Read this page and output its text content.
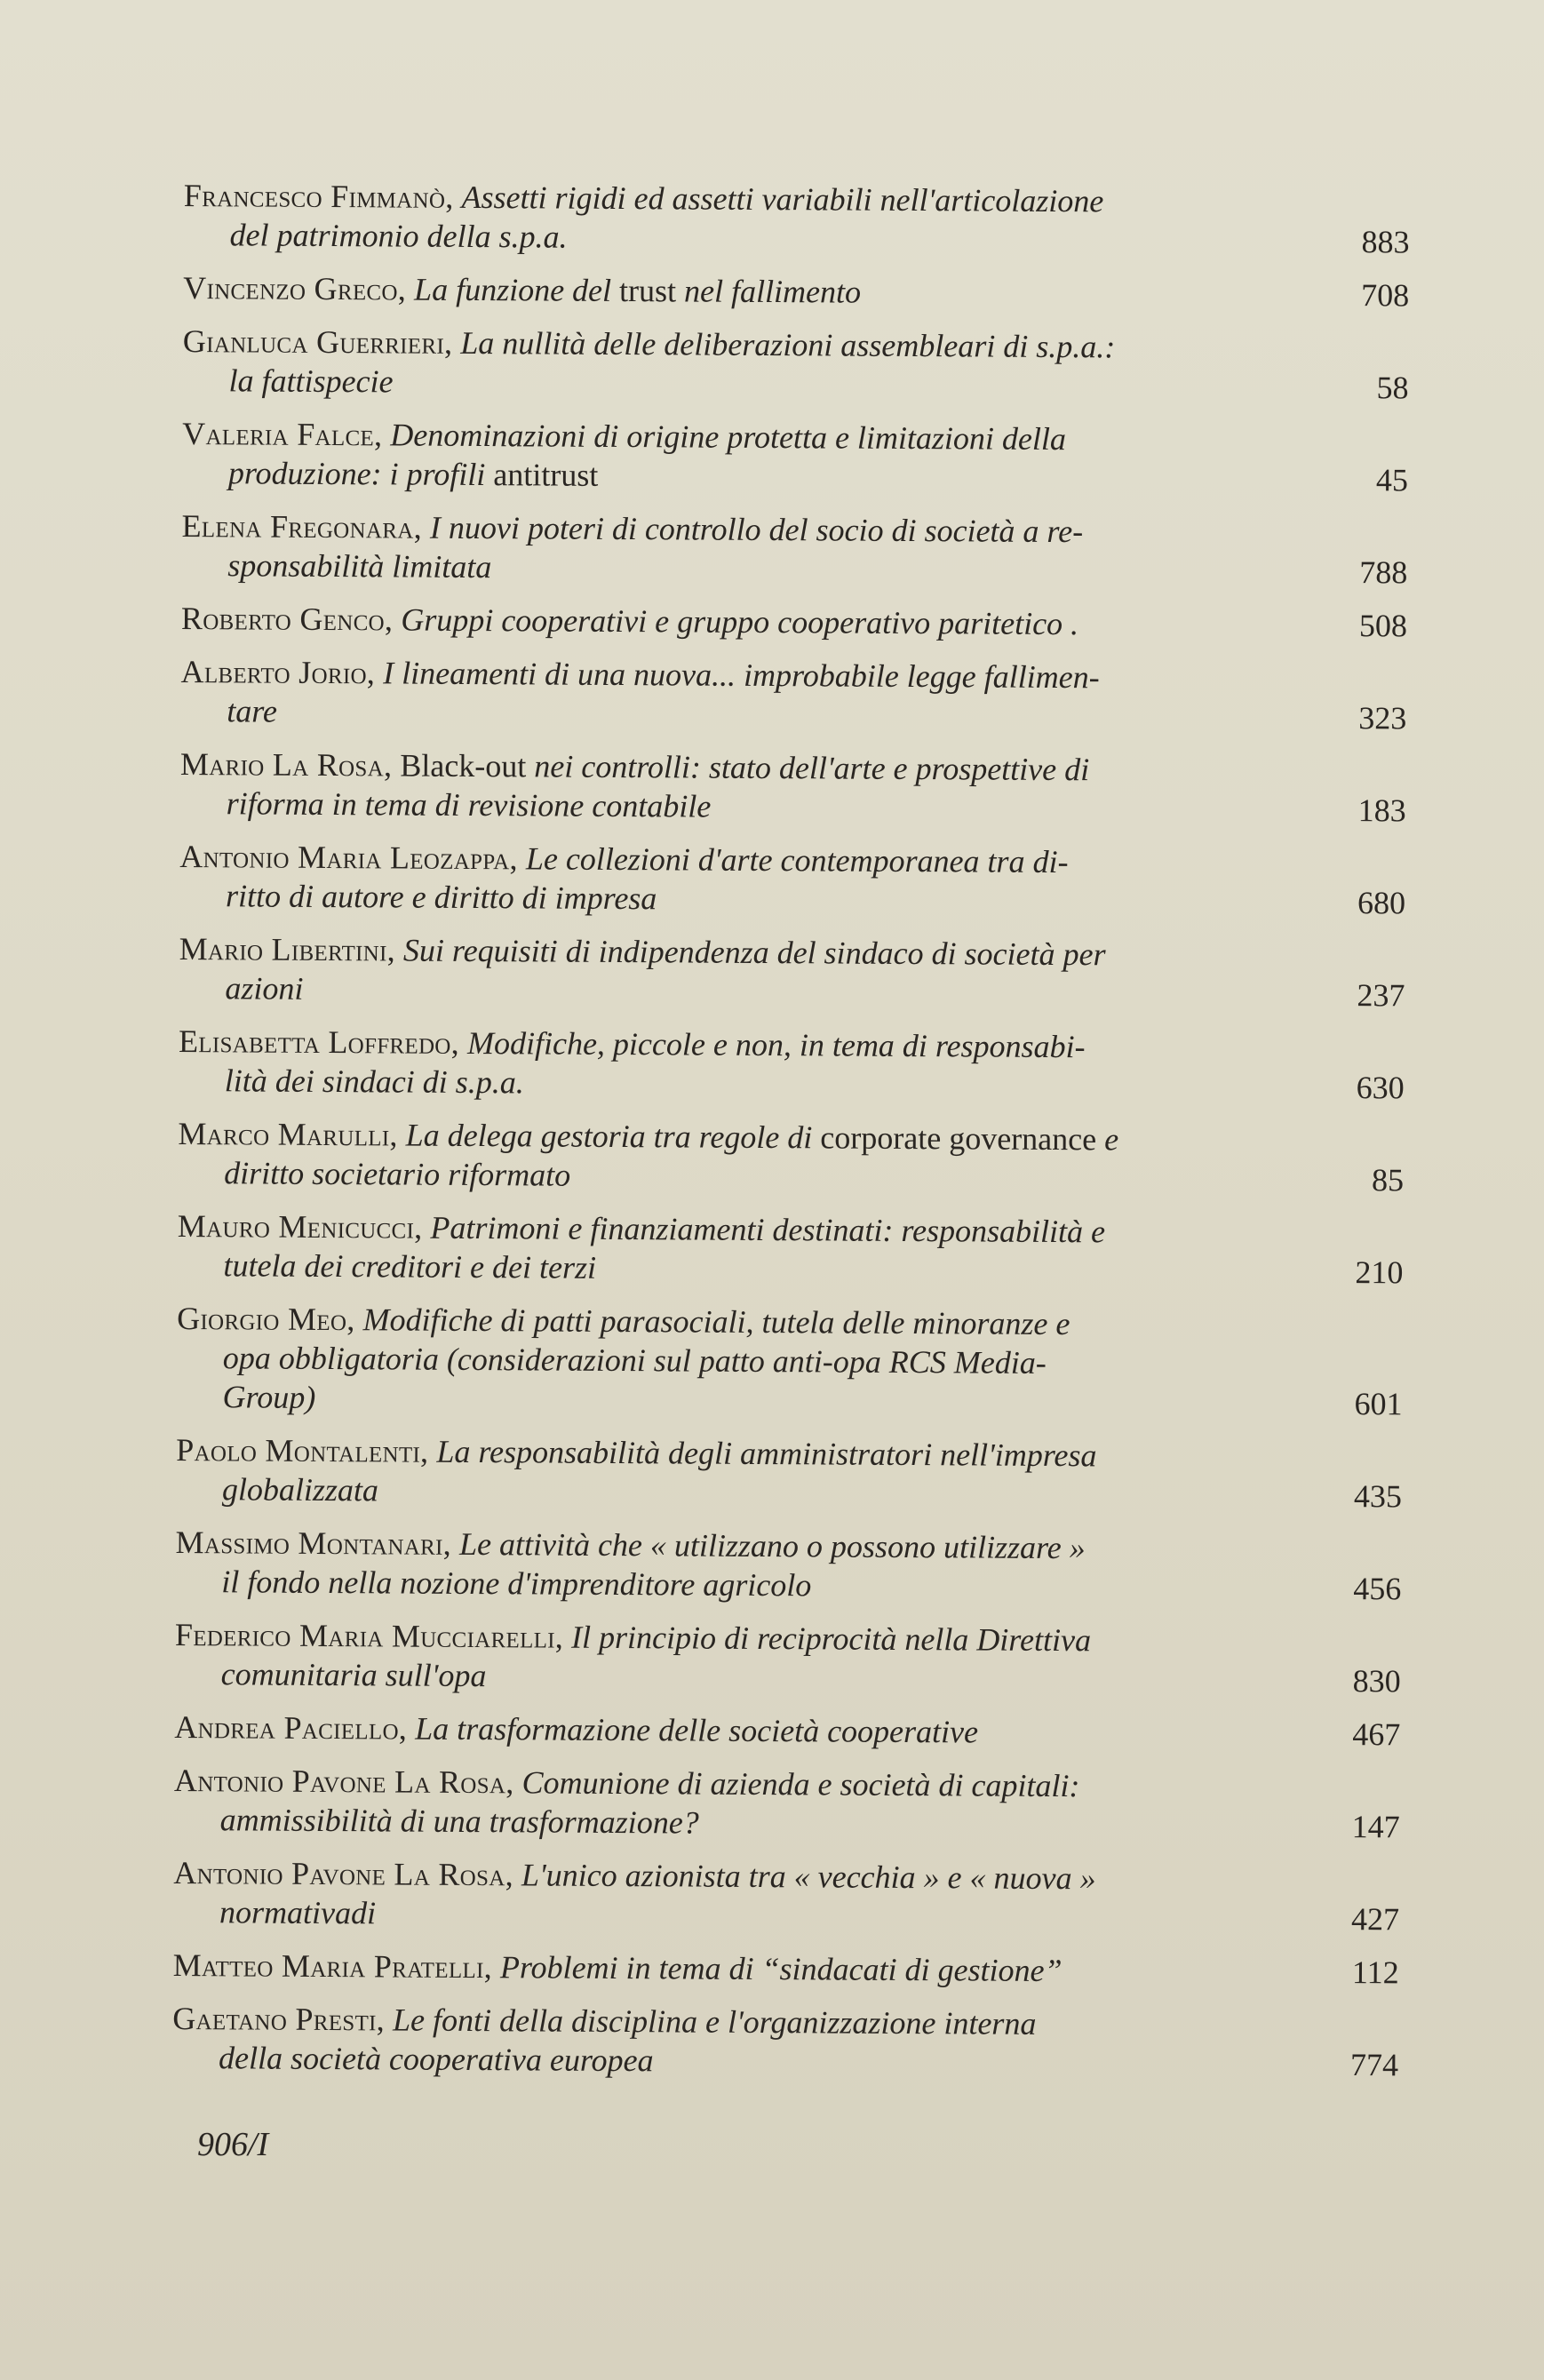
Francesco Fimmanò, Assetti rigidi ed assetti variabili nell'articolazione
del patrimonio della s.p.a.	883
Vincenzo Greco, La funzione del trust nel fallimento	708
Gianluca Guerrieri, La nullità delle deliberazioni assembleari di s.p.a.:
la fattispecie	58
Valeria Falce, Denominazioni di origine protetta e limitazioni della
produzione: i profili antitrust	45
Elena Fregonara, I nuovi poteri di controllo del socio di società a re-
sponsabilità limitata	788
Roberto Genco, Gruppi cooperativi e gruppo cooperativo paritetico .	508
Alberto Jorio, I lineamenti di una nuova... improbabile legge fallimen-
tare	323
Mario La Rosa, Black-out nei controlli: stato dell'arte e prospettive di
riforma in tema di revisione contabile	183
Antonio Maria Leozappa, Le collezioni d'arte contemporanea tra di-
ritto di autore e diritto di impresa	680
Mario Libertini, Sui requisiti di indipendenza del sindaco di società per
azioni	237
Elisabetta Loffredo, Modifiche, piccole e non, in tema di responsabi-
lità dei sindaci di s.p.a.	630
Marco Marulli, La delega gestoria tra regole di corporate governance e
diritto societario riformato	85
Mauro Menicucci, Patrimoni e finanziamenti destinati: responsabilità e
tutela dei creditori e dei terzi	210
Giorgio Meo, Modifiche di patti parasociali, tutela delle minoranze e
opa obbligatoria (considerazioni sul patto anti-opa RCS Media-
Group)	601
Paolo Montalenti, La responsabilità degli amministratori nell'impresa
globalizzata	435
Massimo Montanari, Le attività che « utilizzano o possono utilizzare »
il fondo nella nozione d'imprenditore agricolo	456
Federico Maria Mucciarelli, Il principio di reciprocità nella Direttiva
comunitaria sull'opa	830
Andrea Paciello, La trasformazione delle società cooperative	467
Antonio Pavone La Rosa, Comunione di azienda e società di capitali:
ammissibilità di una trasformazione?	147
Antonio Pavone La Rosa, L'unico azionista tra « vecchia » e « nuova »
normativadi	427
Matteo Maria Pratelli, Problemi in tema di “sindacati di gestione”	112
Gaetano Presti, Le fonti della disciplina e l'organizzazione interna
della società cooperativa europea	774
906/I
